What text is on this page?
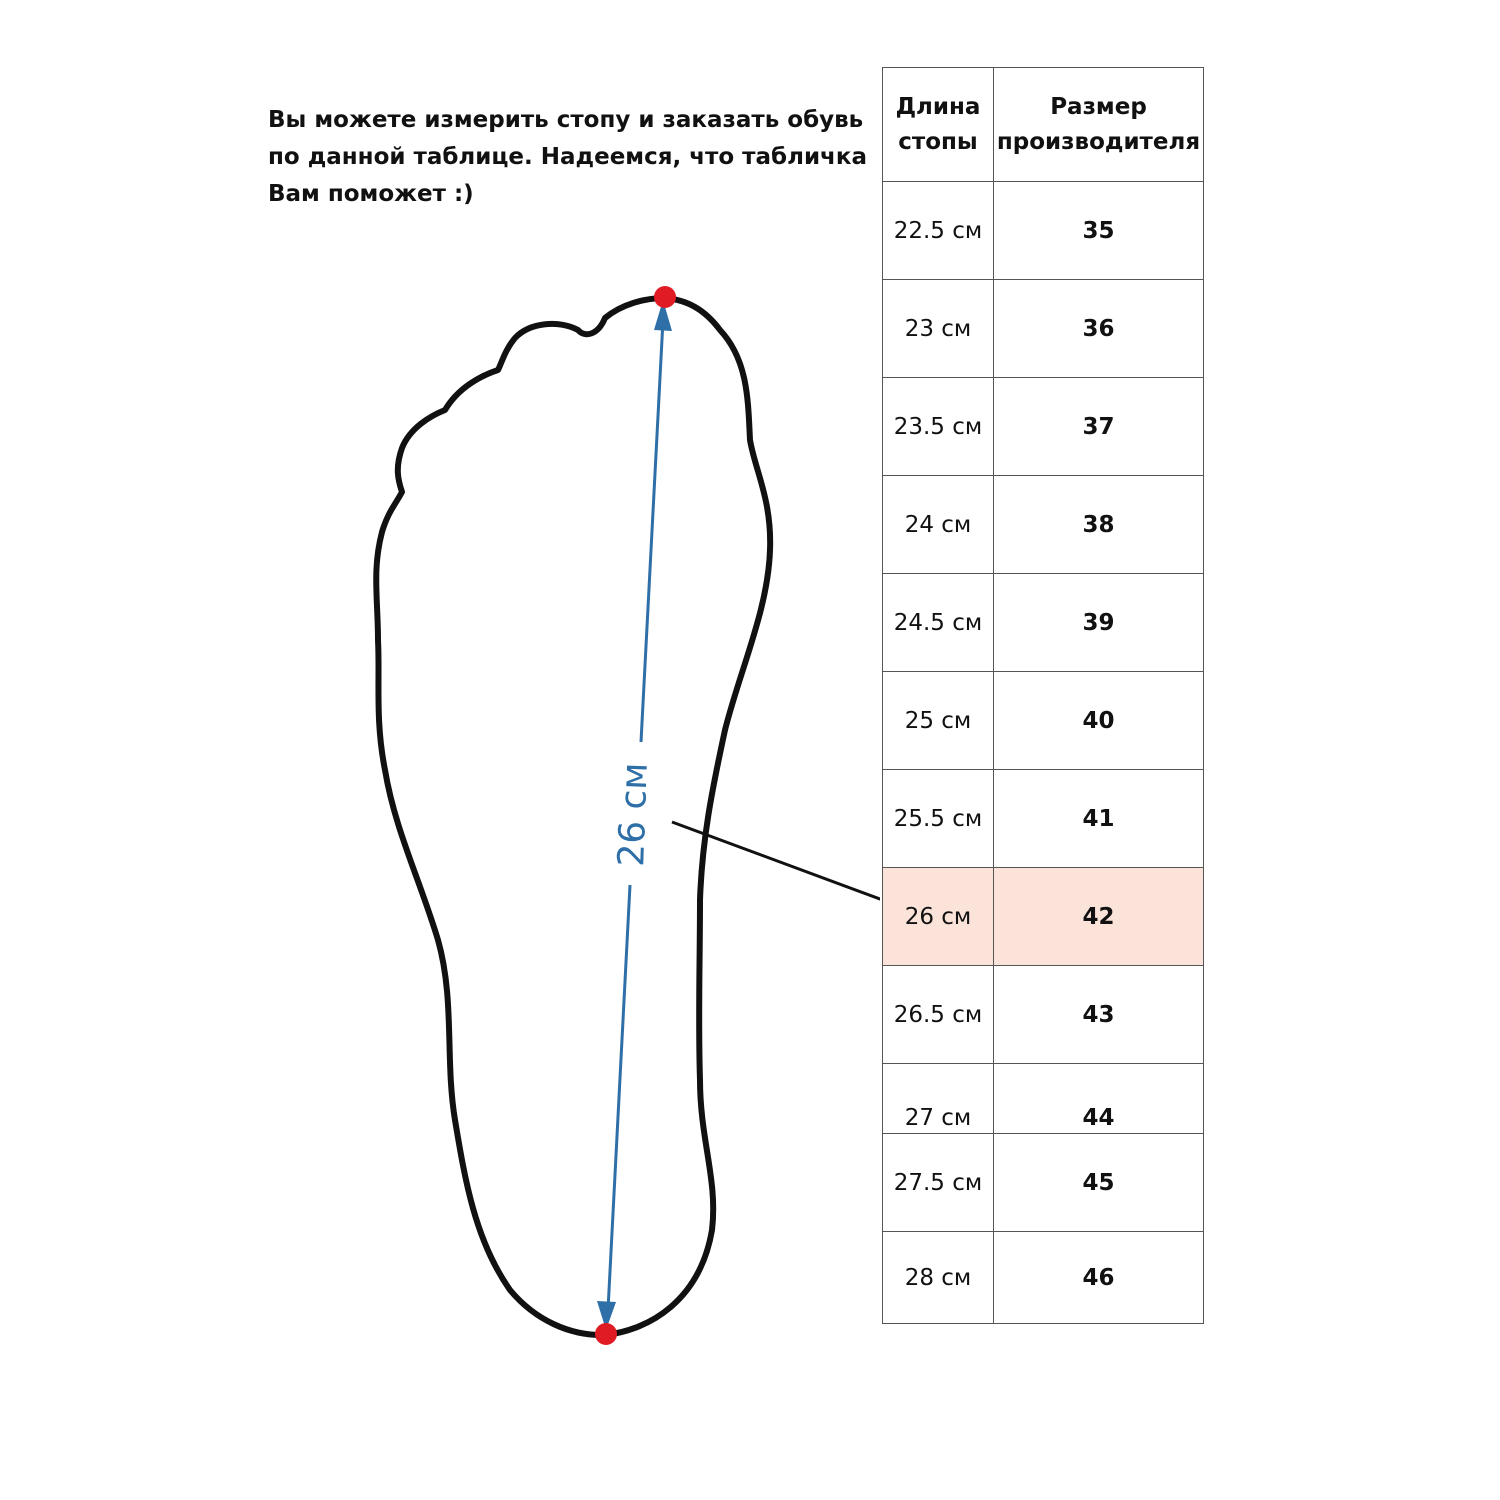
Вы можете измерить стопу и заказать обувь по данной таблице. Надеемся, что табличка Вам поможет :)

26 см
Длина стопы	Размер производителя
22.5 см	35
23 см	36
23.5 см	37
24 см	38
24.5 см	39
25 см	40
25.5 см	41
26 см	42
26.5 см	43
27 см	44
27.5 см	45
28 см	46
